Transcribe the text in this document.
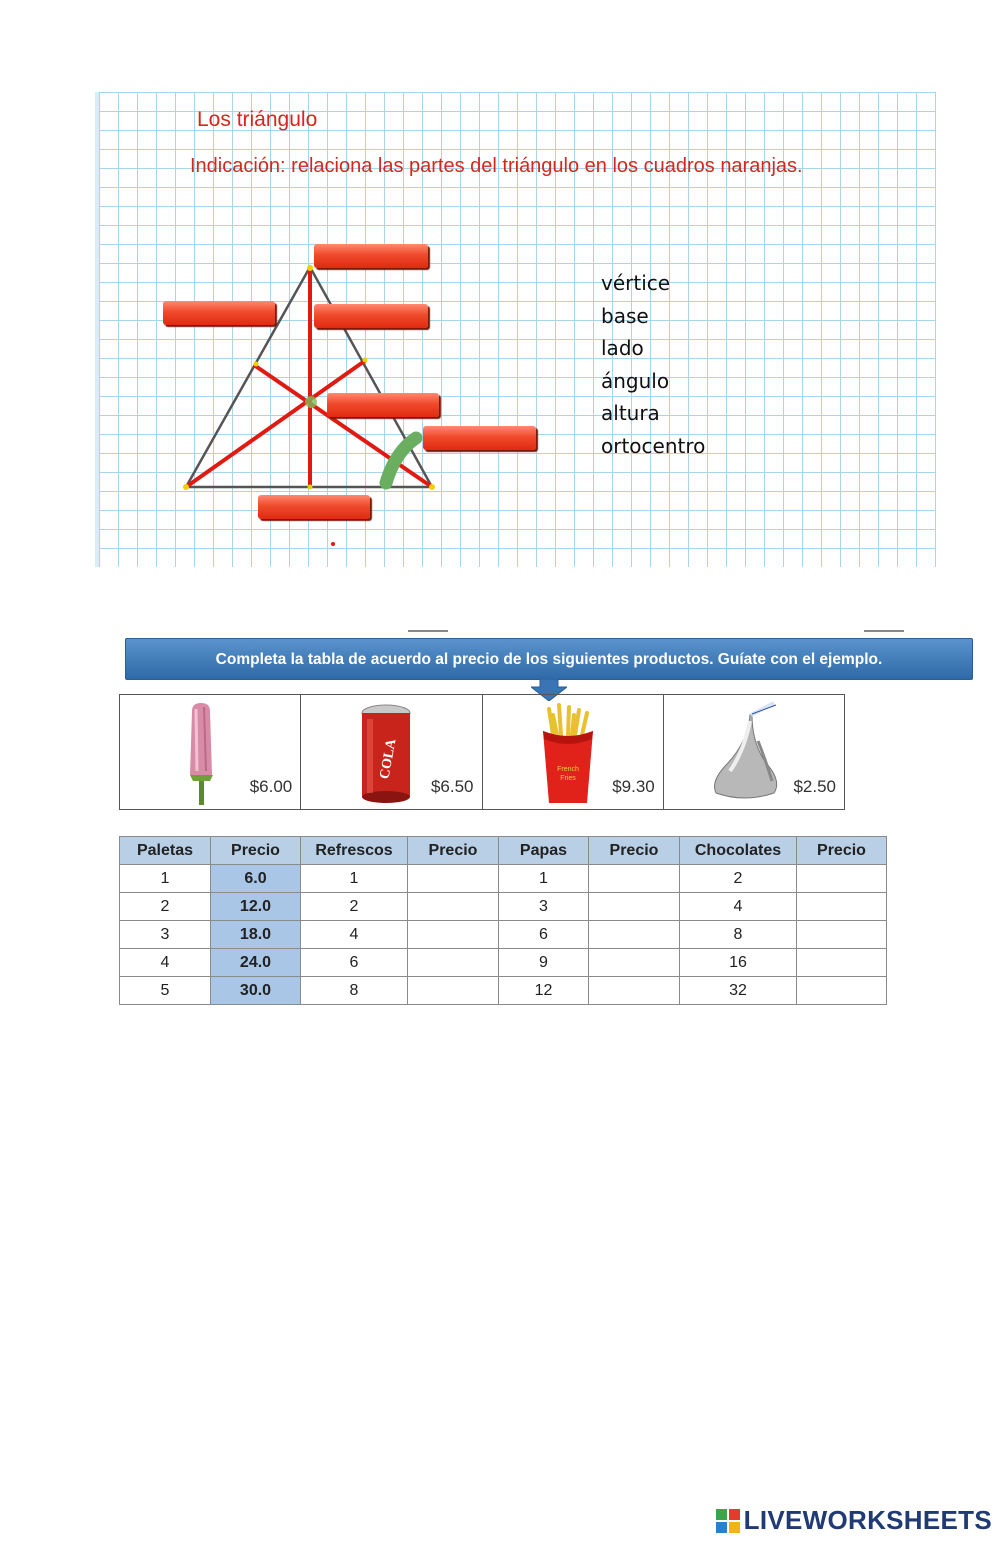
Los triángulo
Indicación: relaciona las partes del triángulo en los cuadros naranjas.
vértice
base
lado
ángulo
altura
ortocentro
Completa la tabla de acuerdo al precio de los siguientes productos. Guíate con el ejemplo.
$6.00
COLA
$6.50
French
Fries $9.30	$2.50
Paletas	Precio	Refrescos	Precio	Papas	Precio	Chocolates	Precio
1	6.0	1		1		2	
2	12.0	2		3		4	
3	18.0	4		6		8	
4	24.0	6		9		16	
5	30.0	8		12		32	
LIVEWORKSHEETS
